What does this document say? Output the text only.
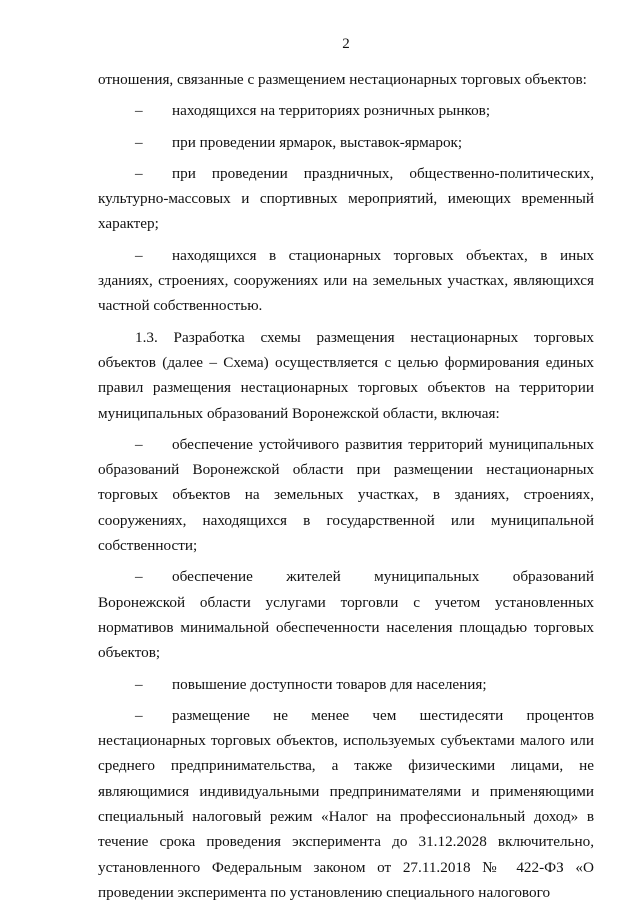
2

отношения, связанные с размещением нестационарных торговых объектов:

– находящихся на территориях розничных рынков;

– при проведении ярмарок, выставок-ярмарок;

– при проведении праздничных, общественно-политических, культурно-массовых и спортивных мероприятий, имеющих временный характер;

– находящихся в стационарных торговых объектах, в иных зданиях, строениях, сооружениях или на земельных участках, являющихся частной собственностью.

1.3. Разработка схемы размещения нестационарных торговых объектов (далее – Схема) осуществляется с целью формирования единых правил размещения нестационарных торговых объектов на территории муниципальных образований Воронежской области, включая:

– обеспечение устойчивого развития территорий муниципальных образований Воронежской области при размещении нестационарных торговых объектов на земельных участках, в зданиях, строениях, сооружениях, находящихся в государственной или муниципальной собственности;

– обеспечение жителей муниципальных образований Воронежской области услугами торговли с учетом установленных нормативов минимальной обеспеченности населения площадью торговых объектов;

– повышение доступности товаров для населения;

– размещение не менее чем шестидесяти процентов нестационарных торговых объектов, используемых субъектами малого или среднего предпринимательства, а также физическими лицами, не являющимися индивидуальными предпринимателями и применяющими специальный налоговый режим «Налог на профессиональный доход» в течение срока проведения эксперимента до 31.12.2028 включительно, установленного Федеральным законом от 27.11.2018 № 422-ФЗ «О проведении эксперимента по установлению специального налогового
